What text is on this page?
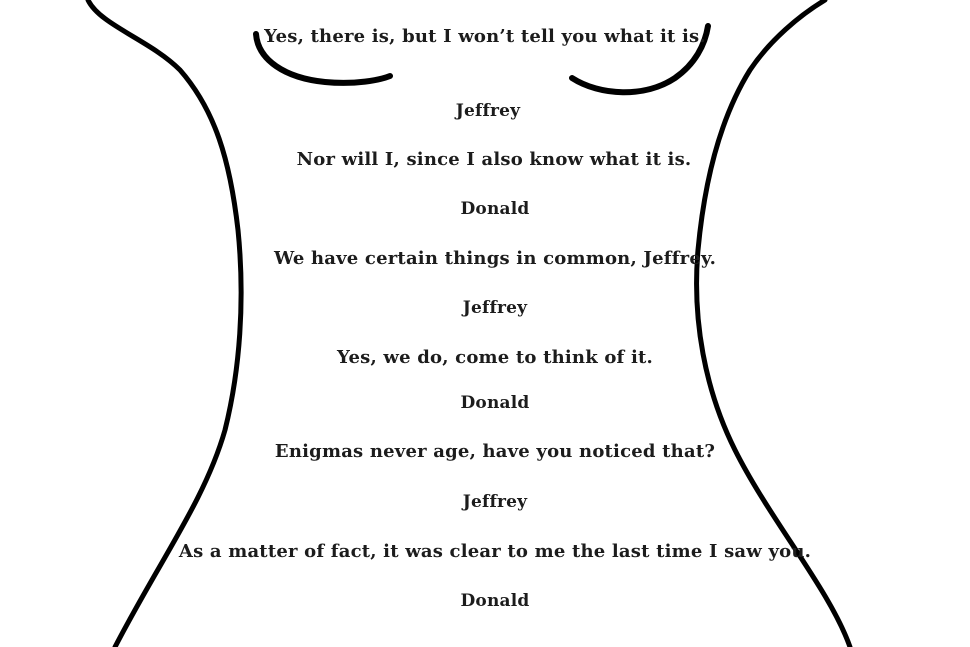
Yes, there is, but I won’t tell you what it is.
Jeffrey
Nor will I, since I also know what it is.
Donald
We have certain things in common, Jeffrey.
Jeffrey
Yes, we do, come to think of it.
Donald
Enigmas never age, have you noticed that?
Jeffrey
As a matter of fact, it was clear to me the last time I saw you.
Donald
